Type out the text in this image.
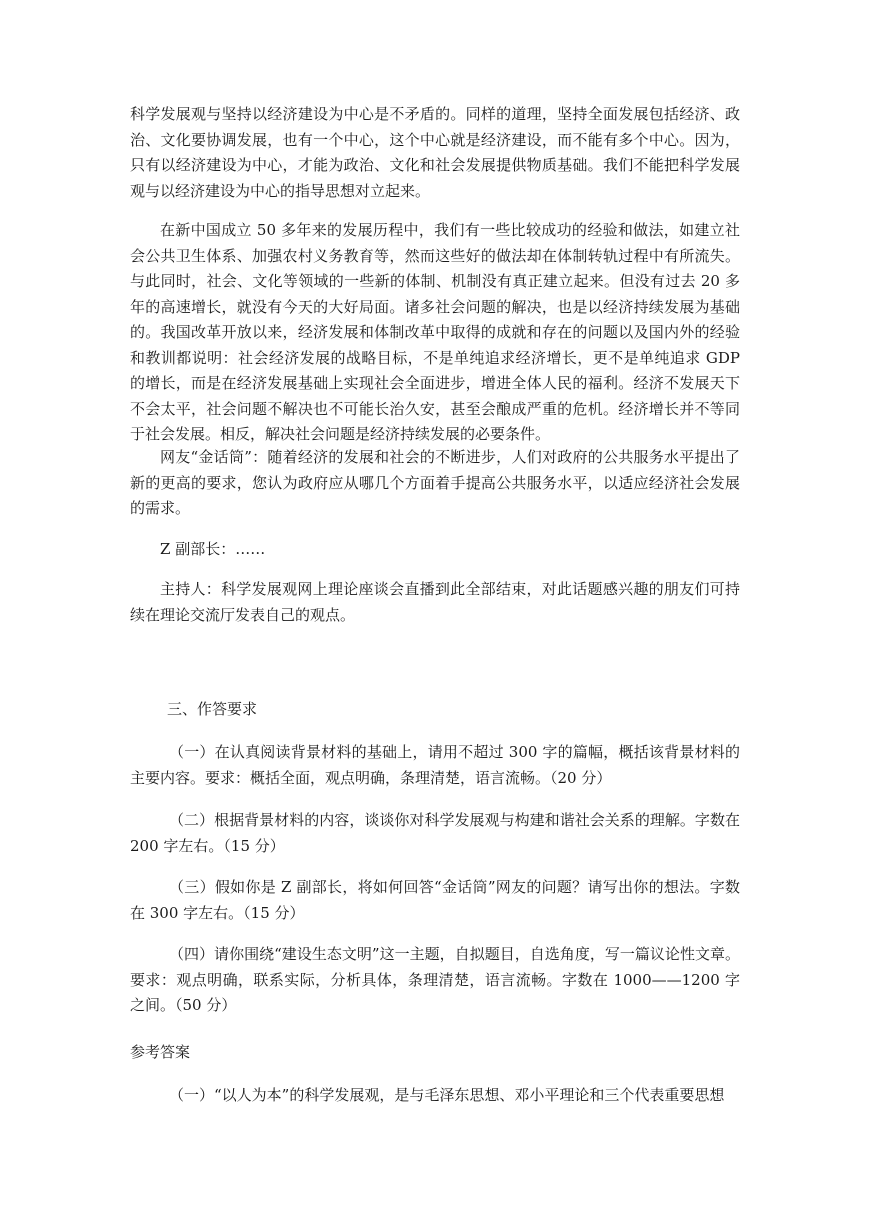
科学发展观与坚持以经济建设为中心是不矛盾的。同样的道理，坚持全面发展包括经济、政治、文化要协调发展，也有一个中心，这个中心就是经济建设，而不能有多个中心。因为，只有以经济建设为中心，才能为政治、文化和社会发展提供物质基础。我们不能把科学发展观与以经济建设为中心的指导思想对立起来。

在新中国成立 50 多年来的发展历程中，我们有一些比较成功的经验和做法，如建立社会公共卫生体系、加强农村义务教育等，然而这些好的做法却在体制转轨过程中有所流失。与此同时，社会、文化等领域的一些新的体制、机制没有真正建立起来。但没有过去 20 多年的高速增长，就没有今天的大好局面。诸多社会问题的解决，也是以经济持续发展为基础的。我国改革开放以来，经济发展和体制改革中取得的成就和存在的问题以及国内外的经验和教训都说明：社会经济发展的战略目标，不是单纯追求经济增长，更不是单纯追求 GDP 的增长，而是在经济发展基础上实现社会全面进步，增进全体人民的福利。经济不发展天下不会太平，社会问题不解决也不可能长治久安，甚至会酿成严重的危机。经济增长并不等同于社会发展。相反，解决社会问题是经济持续发展的必要条件。

网友“金话筒”：随着经济的发展和社会的不断进步，人们对政府的公共服务水平提出了新的更高的要求，您认为政府应从哪几个方面着手提高公共服务水平，以适应经济社会发展的需求。

Z 副部长：……

主持人：科学发展观网上理论座谈会直播到此全部结束，对此话题感兴趣的朋友们可持续在理论交流厅发表自己的观点。

三、作答要求

（一）在认真阅读背景材料的基础上，请用不超过 300 字的篇幅，概括该背景材料的主要内容。要求：概括全面，观点明确，条理清楚，语言流畅。（20 分）

（二）根据背景材料的内容，谈谈你对科学发展观与构建和谐社会关系的理解。字数在 200 字左右。（15 分）

（三）假如你是 Z 副部长，将如何回答“金话筒”网友的问题？请写出你的想法。字数在 300 字左右。（15 分）

（四）请你围绕“建设生态文明”这一主题，自拟题目，自选角度，写一篇议论性文章。要求：观点明确，联系实际，分析具体，条理清楚，语言流畅。字数在 1000——1200 字之间。（50 分）

参考答案

（一）“以人为本”的科学发展观，是与毛泽东思想、邓小平理论和三个代表重要思想
